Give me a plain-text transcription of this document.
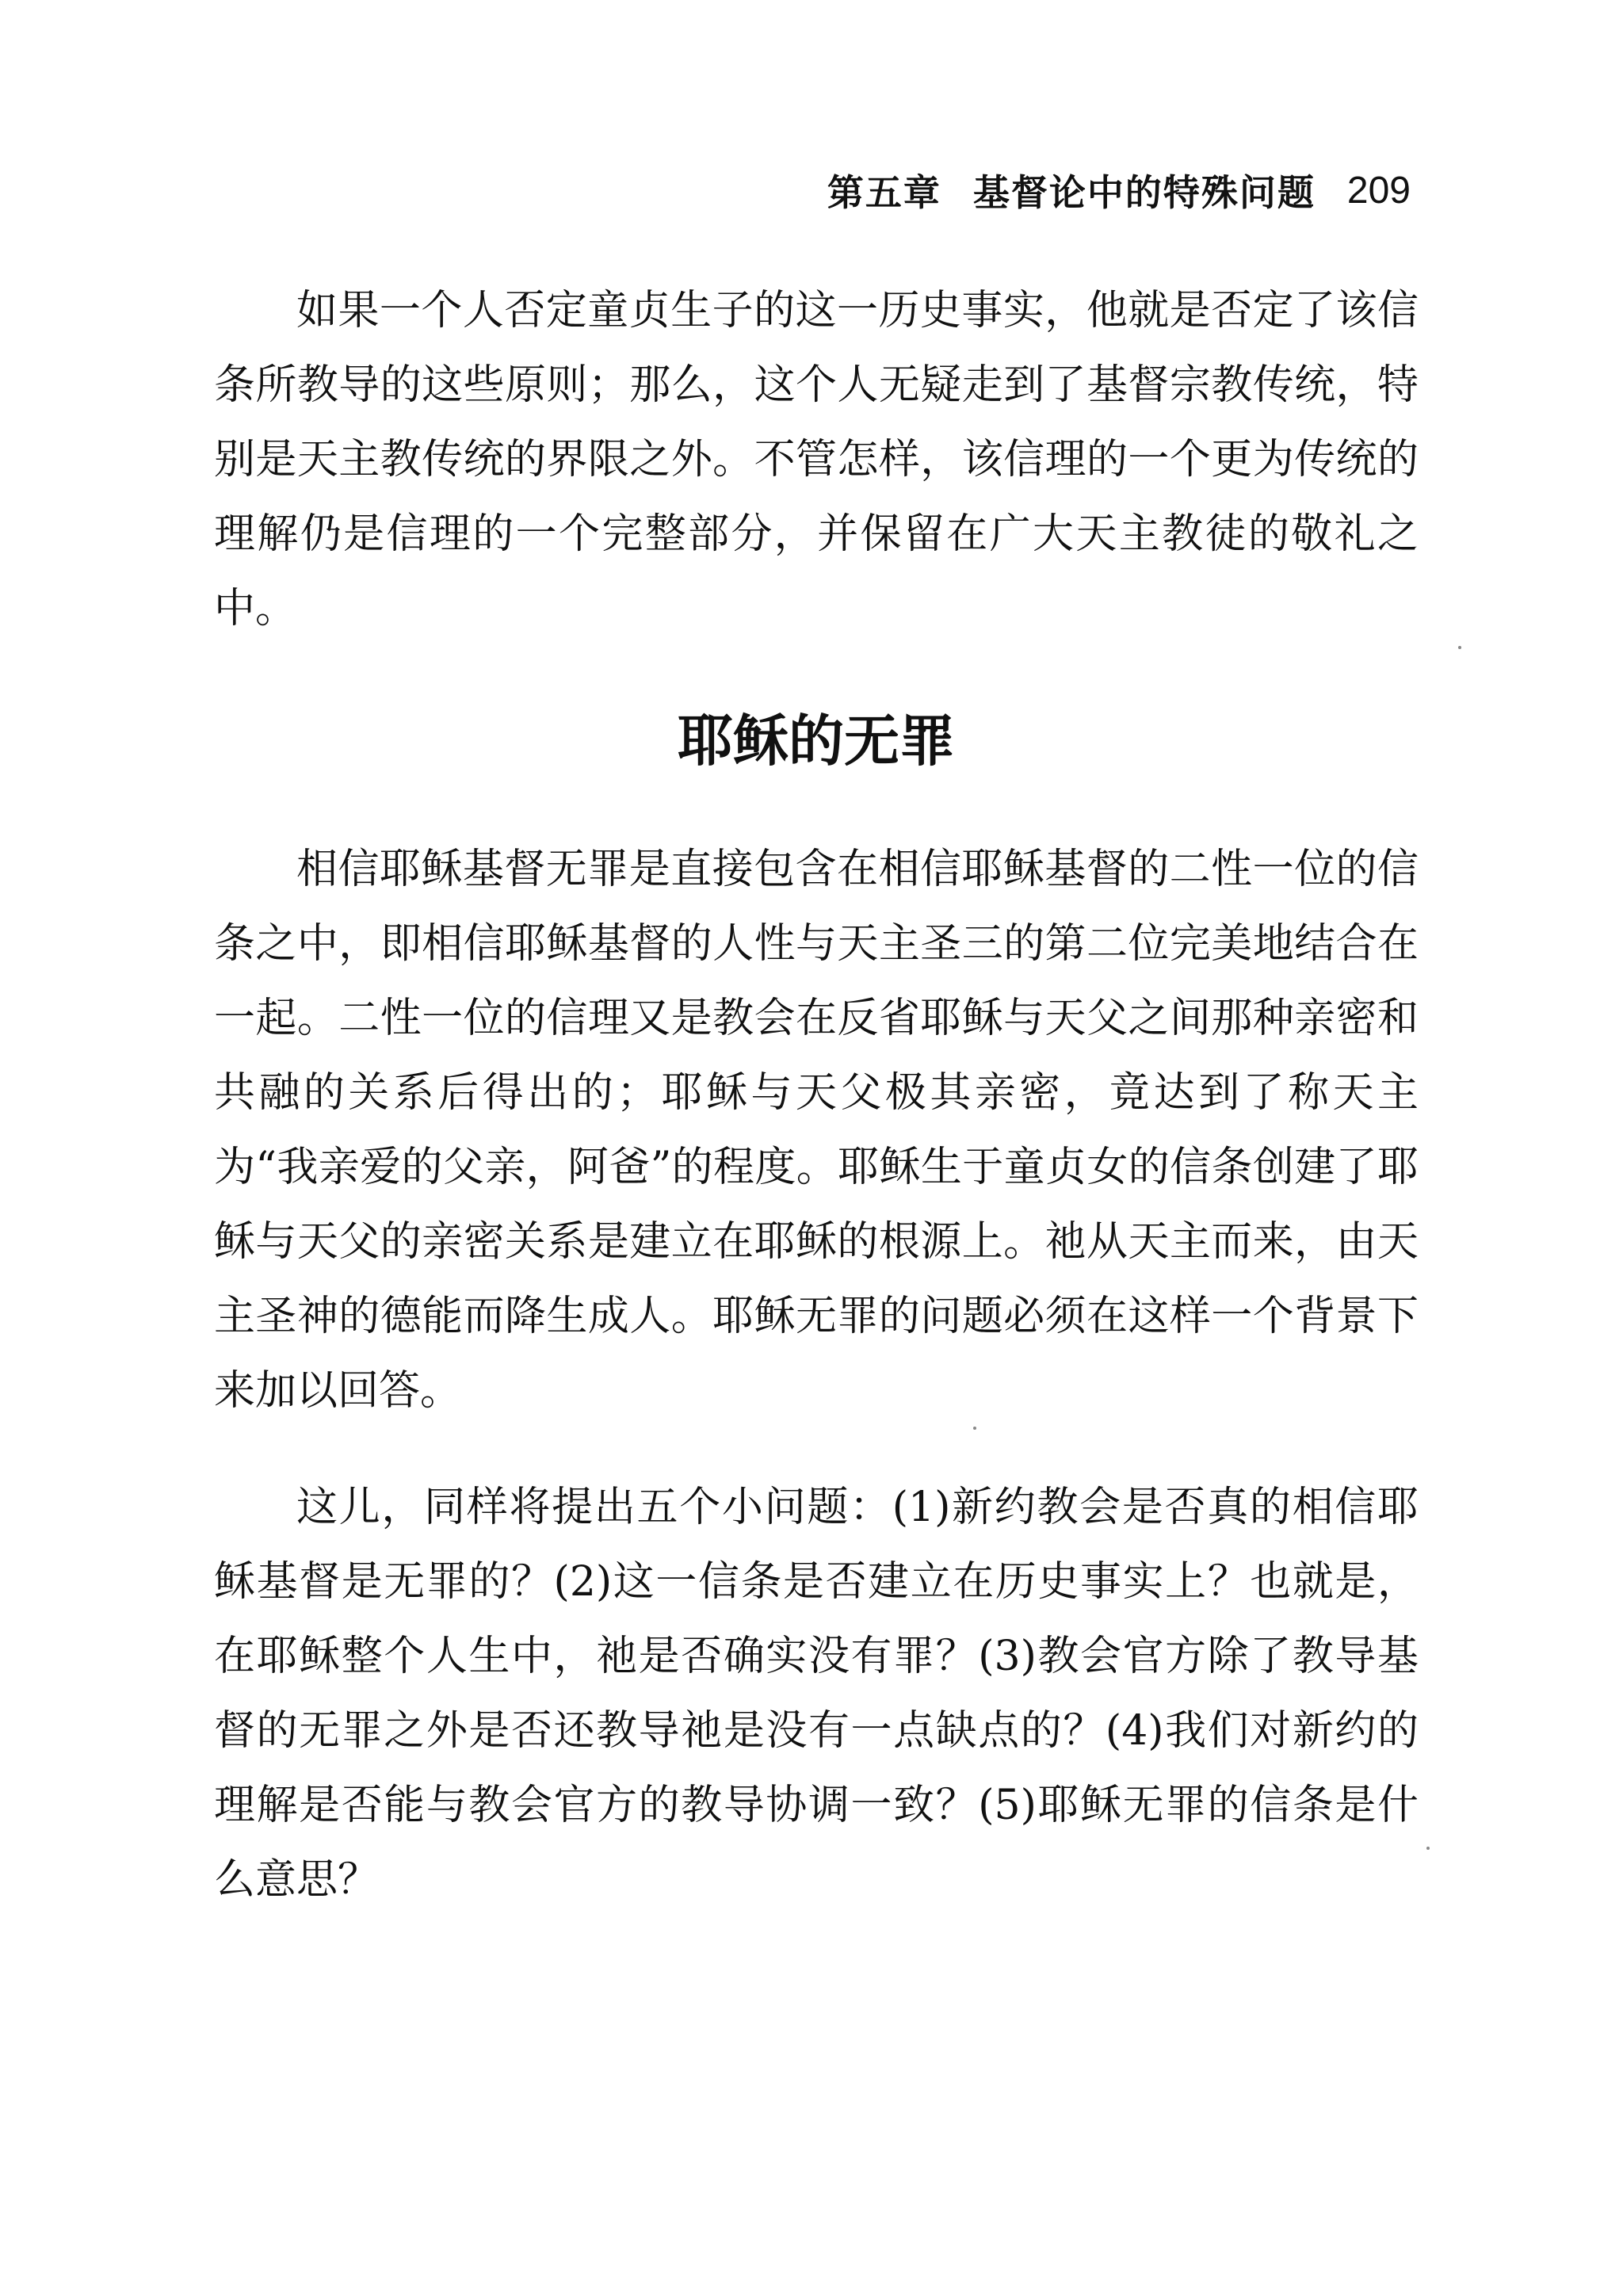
第五章 基督论中的特殊问题 209

如果一个人否定童贞生子的这一历史事实，他就是否定了该信条所教导的这些原则；那么，这个人无疑走到了基督宗教传统，特别是天主教传统的界限之外。不管怎样，该信理的一个更为传统的理解仍是信理的一个完整部分，并保留在广大天主教徒的敬礼之中。

耶稣的无罪

相信耶稣基督无罪是直接包含在相信耶稣基督的二性一位的信条之中，即相信耶稣基督的人性与天主圣三的第二位完美地结合在一起。二性一位的信理又是教会在反省耶稣与天父之间那种亲密和共融的关系后得出的；耶稣与天父极其亲密，竟达到了称天主为“我亲爱的父亲，阿爸”的程度。耶稣生于童贞女的信条创建了耶稣与天父的亲密关系是建立在耶稣的根源上。祂从天主而来，由天主圣神的德能而降生成人。耶稣无罪的问题必须在这样一个背景下来加以回答。

这儿，同样将提出五个小问题：(1)新约教会是否真的相信耶稣基督是无罪的？(2)这一信条是否建立在历史事实上？也就是，在耶稣整个人生中，祂是否确实没有罪？(3)教会官方除了教导基督的无罪之外是否还教导祂是没有一点缺点的？(4)我们对新约的理解是否能与教会官方的教导协调一致？(5)耶稣无罪的信条是什么意思？
